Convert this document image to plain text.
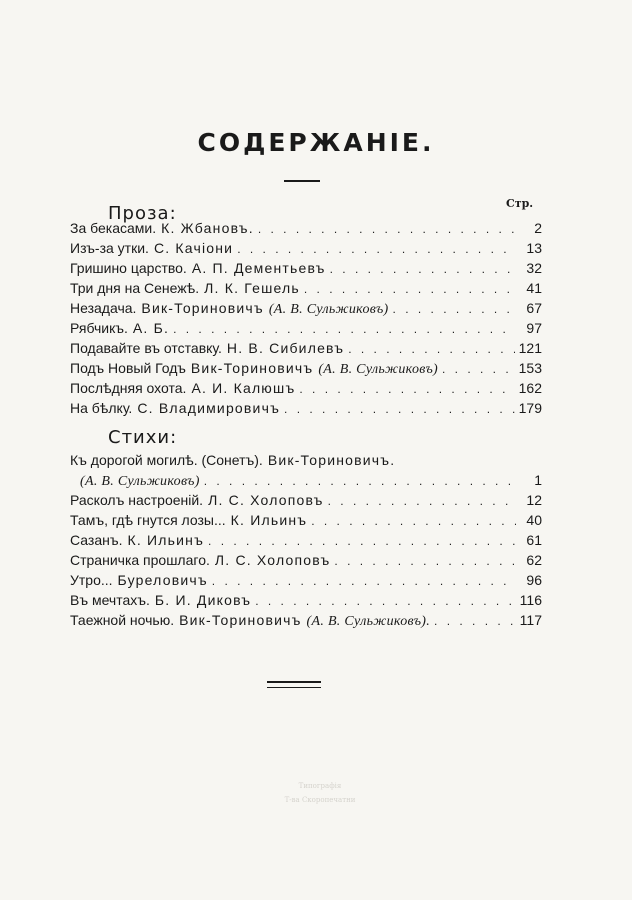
СОДЕРЖАНІЕ.
Проза:	Стр.
За бекасами. К. Жбановъ. . . .	2
Изъ-за утки. С. Качіони . . .	13
Гришино царство. А. П. Дементьевъ . . .	32
Три дня на Сенежѣ. Л. К. Гешель . . .	41
Незадача. Вик-Ториновичъ (А. В. Сульжиковъ) . . .	67
Рябчикъ. А. Б. . . .	97
Подавайте въ отставку. Н. В. Сибилевъ . . .	121
Подъ Новый Годъ Вик-Ториновичъ (А. В. Сульжиковъ) . . .	153
Послѣдняя охота. А. И. Калюшъ . . .	162
На бѣлку. С. Владимировичъ . . .	179
Стихи:
Къ дорогой могилѣ. (Сонетъ). Вик-Ториновичъ.
(А. В. Сульжиковъ) . . .	1
Расколъ настроеній. Л. С. Холоповъ . . .	12
Тамъ, гдѣ гнутся лозы... К. Ильинъ . . .	40
Сазанъ. К. Ильинъ . . .	61
Страничка прошлаго. Л. С. Холоповъ . . .	62
Утро... Буреловичъ . . .	96
Въ мечтахъ. Б. И. Диковъ . . .	116
Таежной ночью. Вик-Ториновичъ (А. В. Сульжиковъ). . . .	117
Типографія
Т-ва Скоропечатни
